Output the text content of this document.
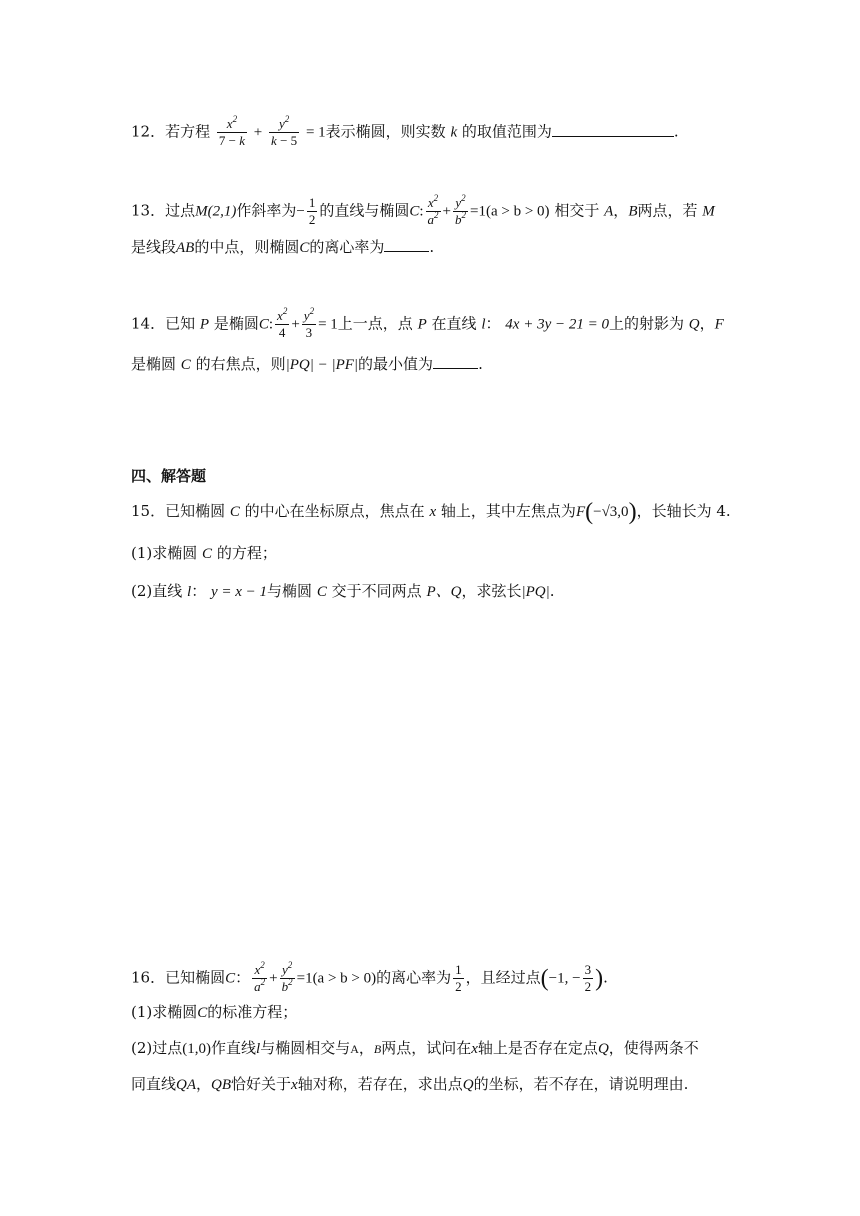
12．若方程 $\frac{x^2}{7 - k} + \frac{y^2}{k - 5} = 1$表示椭圆，则实数 k 的取值范围为	.
13．过点M(2,1)作斜率为− $\frac{1}{2}$ 的直线与椭圆C: $\frac{x^2}{a^2} + \frac{y^2}{b^2} =1(a > b > 0)$ 相交于 A，B两点，若 M
是线段AB的中点，则椭圆C的离心率为	.
14．已知 P 是椭圆C: $\frac{x^2}{4} + \frac{y^2}{3} = 1$上一点，点 P 在直线 l： 4x + 3y − 21 = 0上的射影为 Q，F
是椭圆 C 的右焦点，则|PQ| − |PF|的最小值为	.
四、解答题
15．已知椭圆 C 的中心在坐标原点，焦点在 x 轴上，其中左焦点为F(−√3,0)，长轴长为 4.
(1)求椭圆 C 的方程；
(2)直线 l： y = x − 1与椭圆 C 交于不同两点 P、Q，求弦长|PQ|.
16．已知椭圆C： $\frac{x^2}{a^2} + \frac{y^2}{b^2} =1(a > b > 0)$的离心率为 $\frac{1}{2}$ ，且经过点(−1, − $\frac{3}{2}$ ).
(1)求椭圆C的标准方程；
(2)过点(1,0)作直线l与椭圆相交与A，B两点，试问在x轴上是否存在定点Q，使得两条不
同直线QA，QB恰好关于x轴对称，若存在，求出点Q的坐标，若不存在，请说明理由.
